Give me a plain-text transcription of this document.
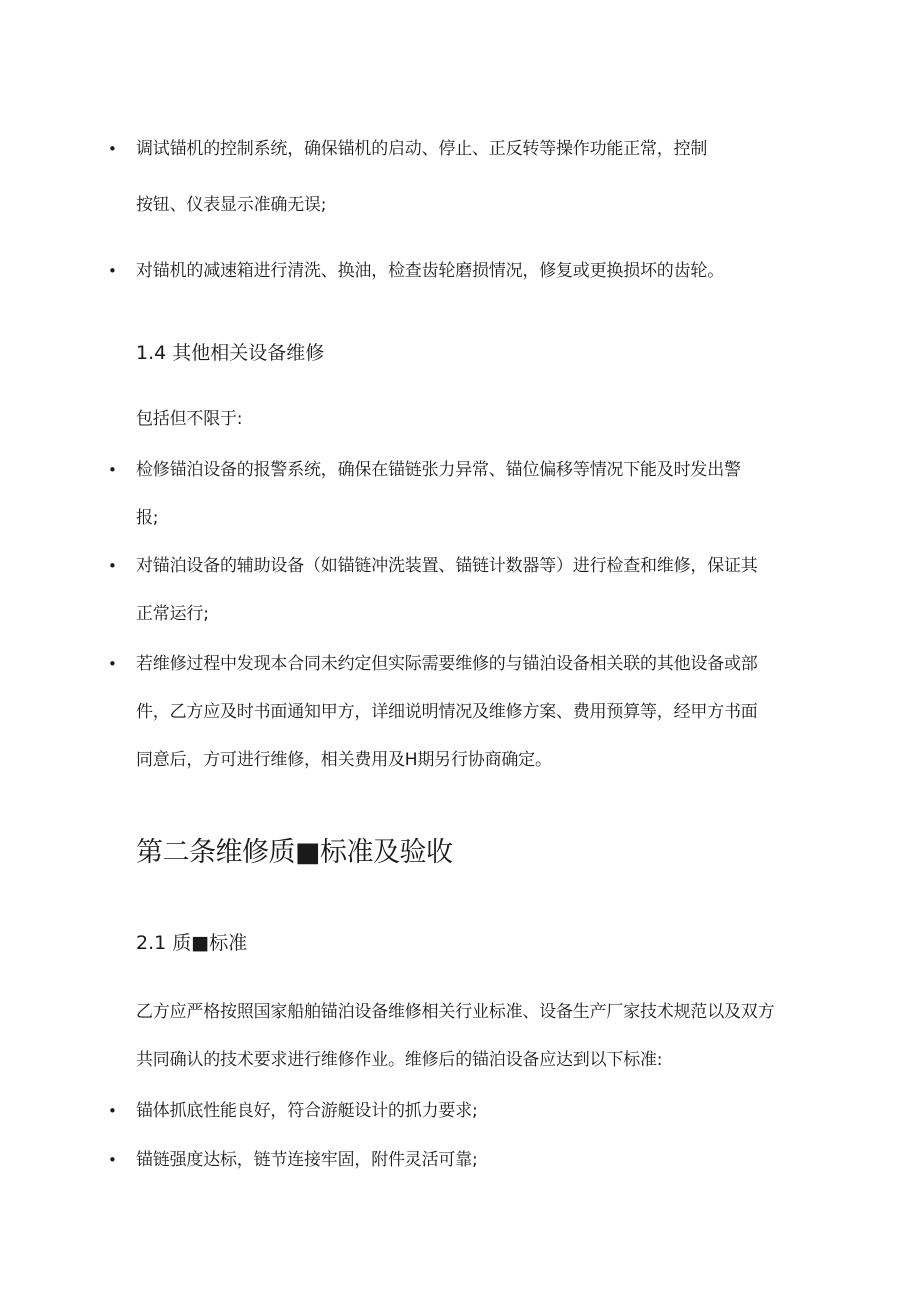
• 调试锚机的控制系统，确保锚机的启动、停止、正反转等操作功能正常，控制
按钮、仪表显示准确无误;
• 对锚机的减速箱进行清洗、换油，检查齿轮磨损情况，修复或更换损坏的齿轮。
1.4 其他相关设备维修
包括但不限于:
• 检修锚泊设备的报警系统，确保在锚链张力异常、锚位偏移等情况下能及时发出警
报;
• 对锚泊设备的辅助设备（如锚链冲洗装置、锚链计数器等）进行检查和维修，保证其
正常运行;
• 若维修过程中发现本合同未约定但实际需要维修的与锚泊设备相关联的其他设备或部
件，乙方应及时书面通知甲方，详细说明情况及维修方案、费用预算等，经甲方书面
同意后，方可进行维修，相关费用及H期另行协商确定。
第二条维修质■标准及验收
2.1 质■标准
乙方应严格按照国家船舶锚泊设备维修相关行业标准、设备生产厂家技术规范以及双方
共同确认的技术要求进行维修作业。维修后的锚泊设备应达到以下标准:
• 锚体抓底性能良好，符合游艇设计的抓力要求;
• 锚链强度达标，链节连接牢固，附件灵活可靠;
